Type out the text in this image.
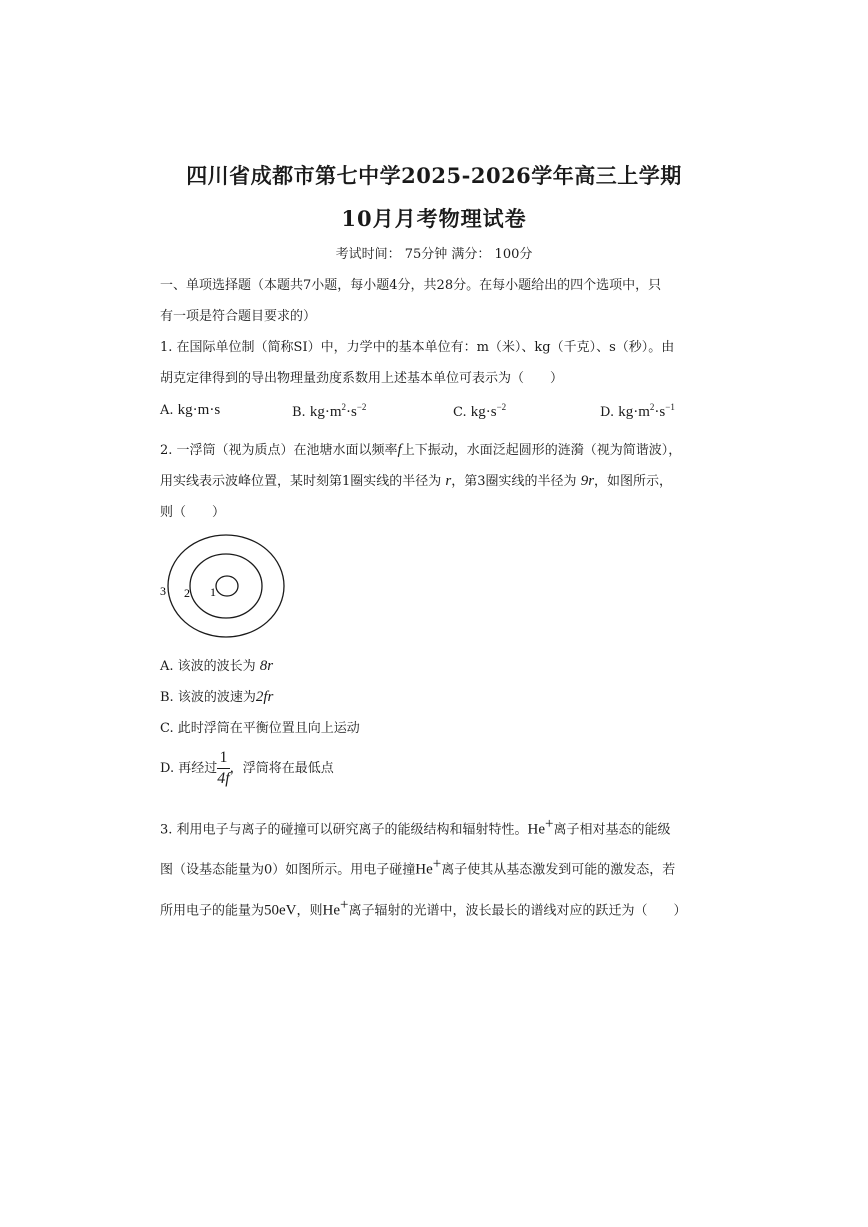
四川省成都市第七中学2025-2026学年高三上学期
10月月考物理试卷
考试时间： 75分钟 满分： 100分
一、单项选择题（本题共7小题，每小题4分，共28分。在每小题给出的四个选项中，只
有一项是符合题目要求的）
1. 在国际单位制（简称SI）中，力学中的基本单位有：m（米）、kg（千克）、s（秒）。由
胡克定律得到的导出物理量劲度系数用上述基本单位可表示为（　　）
A. kg·m·s	B. $kg\cdot m^2\cdot s^{-2}$	C. $kg\cdot s^{-2}$	D. $kg\cdot m^2\cdot s^{-1}$
2. 一浮筒（视为质点）在池塘水面以频率f上下振动，水面泛起圆形的涟漪（视为简谐波），
用实线表示波峰位置，某时刻第1圈实线的半径为 r，第3圈实线的半径为 9r，如图所示，
则（　　）
3 2 1
A. 该波的波长为 8r
B. 该波的波速为2fr
C. 此时浮筒在平衡位置且向上运动
D. 再经过 $\frac{1}{4f}$ ，浮筒将在最低点
3. 利用电子与离子的碰撞可以研究离子的能级结构和辐射特性。He+离子相对基态的能级
图（设基态能量为0）如图所示。用电子碰撞He+离子使其从基态激发到可能的激发态，若
所用电子的能量为50eV，则He+离子辐射的光谱中，波长最长的谱线对应的跃迁为（　　）
